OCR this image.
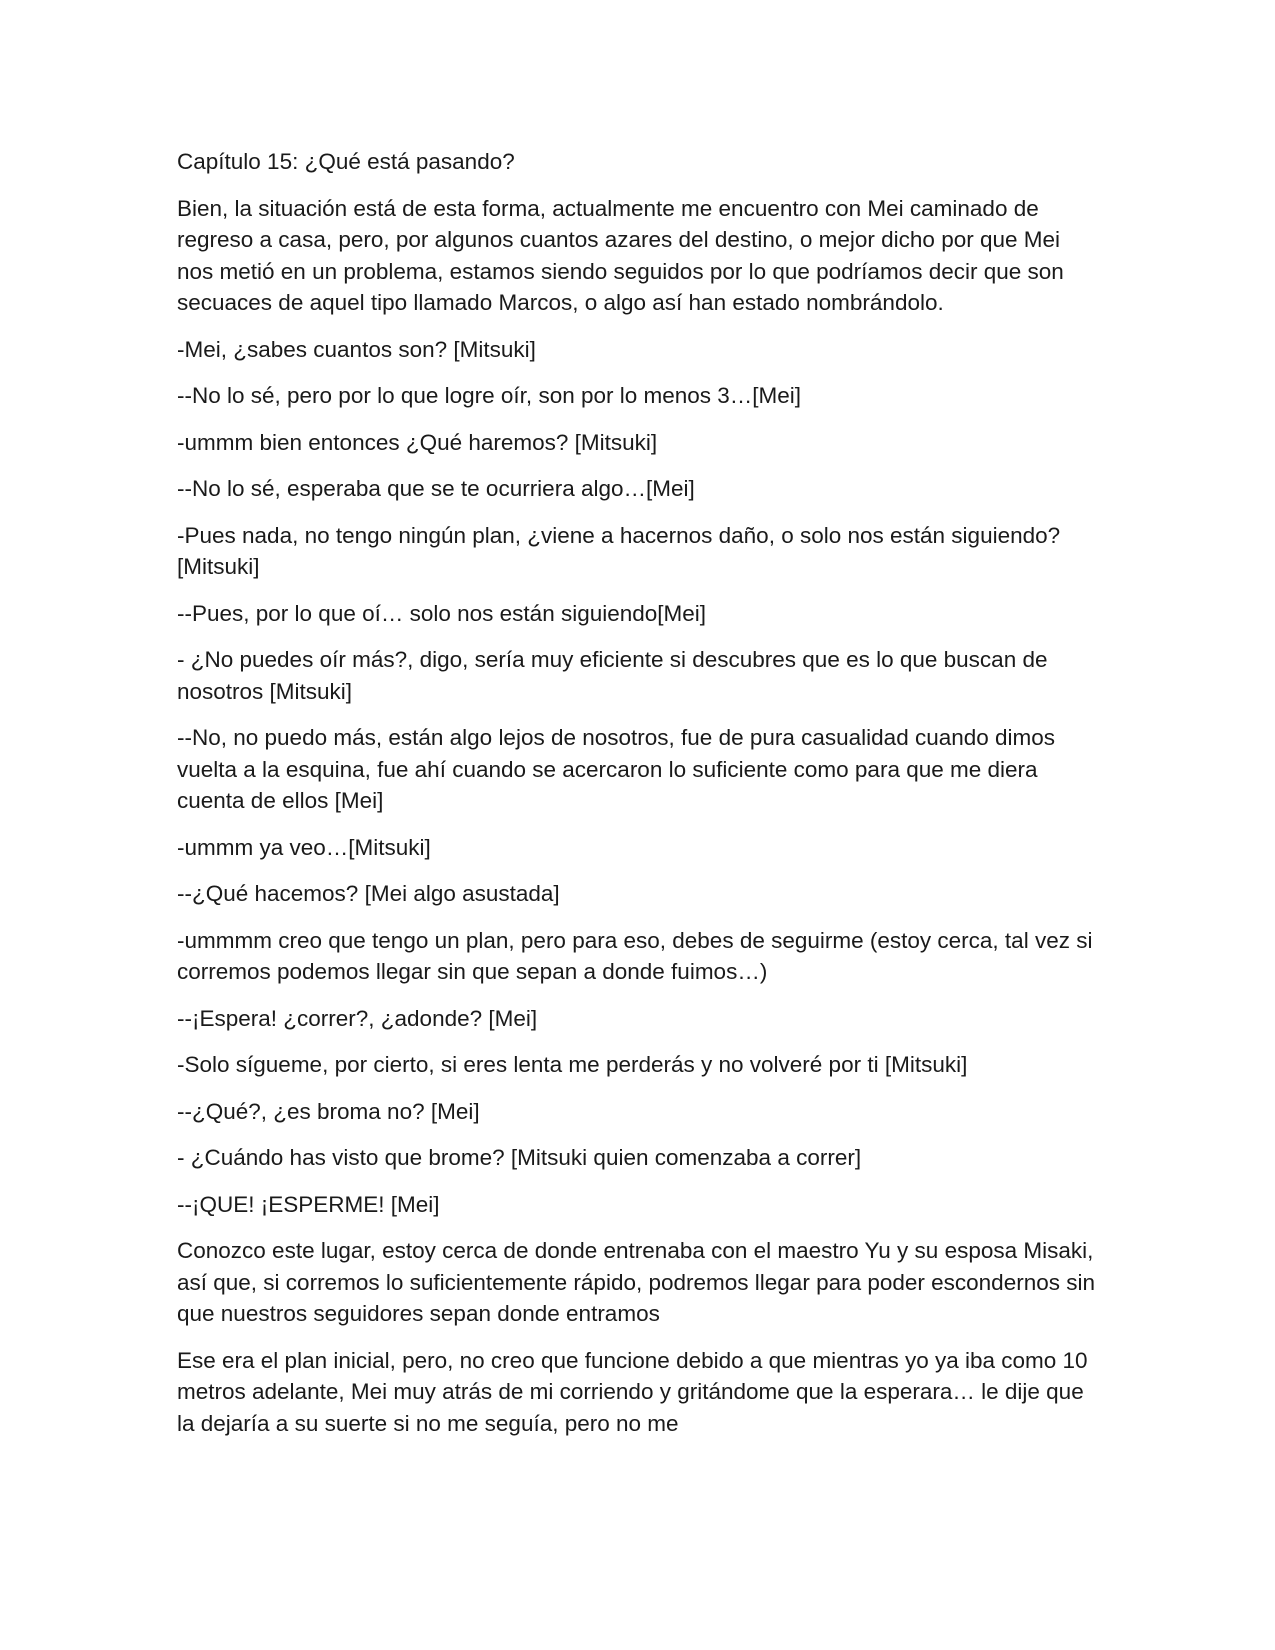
Capítulo 15: ¿Qué está pasando?

Bien, la situación está de esta forma, actualmente me encuentro con Mei caminado de regreso a casa, pero, por algunos cuantos azares del destino, o mejor dicho por que Mei nos metió en un problema, estamos siendo seguidos por lo que podríamos decir que son secuaces de aquel tipo llamado Marcos, o algo así han estado nombrándolo.

-Mei, ¿sabes cuantos son? [Mitsuki]

--No lo sé, pero por lo que logre oír, son por lo menos 3…[Mei]

-ummm bien entonces ¿Qué haremos? [Mitsuki]

--No lo sé, esperaba que se te ocurriera algo…[Mei]

-Pues nada, no tengo ningún plan, ¿viene a hacernos daño, o solo nos están siguiendo? [Mitsuki]

--Pues, por lo que oí… solo nos están siguiendo[Mei]

- ¿No puedes oír más?, digo, sería muy eficiente si descubres que es lo que buscan de nosotros [Mitsuki]

--No, no puedo más, están algo lejos de nosotros, fue de pura casualidad cuando dimos vuelta a la esquina, fue ahí cuando se acercaron lo suficiente como para que me diera cuenta de ellos [Mei]

-ummm ya veo…[Mitsuki]

--¿Qué hacemos? [Mei algo asustada]

-ummmm creo que tengo un plan, pero para eso, debes de seguirme (estoy cerca, tal vez si corremos podemos llegar sin que sepan a donde fuimos…)

--¡Espera! ¿correr?, ¿adonde? [Mei]

-Solo sígueme, por cierto, si eres lenta me perderás y no volveré por ti [Mitsuki]

--¿Qué?, ¿es broma no? [Mei]

- ¿Cuándo has visto que brome? [Mitsuki quien comenzaba a correr]

--¡QUE! ¡ESPERME! [Mei]

Conozco este lugar, estoy cerca de donde entrenaba con el maestro Yu y su esposa Misaki, así que, si corremos lo suficientemente rápido, podremos llegar para poder escondernos sin que nuestros seguidores sepan donde entramos

Ese era el plan inicial, pero, no creo que funcione debido a que mientras yo ya iba como 10 metros adelante, Mei muy atrás de mi corriendo y gritándome que la esperara… le dije que la dejaría a su suerte si no me seguía, pero no me
